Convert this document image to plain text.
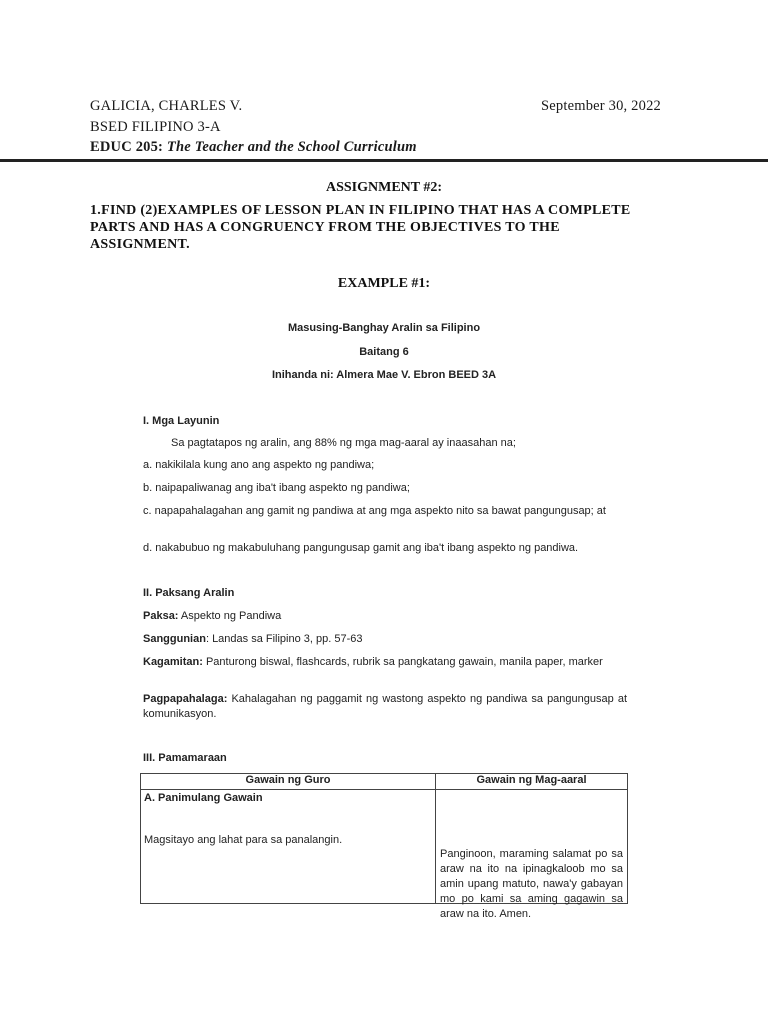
GALICIA, CHARLES V.	September 30, 2022
BSED FILIPINO 3-A
EDUC 205: The Teacher and the School Curriculum
ASSIGNMENT #2:
1.FIND (2)EXAMPLES OF LESSON PLAN IN FILIPINO THAT HAS A COMPLETE
PARTS AND HAS A CONGRUENCY FROM THE OBJECTIVES TO THE
ASSIGNMENT.
EXAMPLE #1:
Masusing-Banghay Aralin sa Filipino
Baitang 6
Inihanda ni: Almera Mae V. Ebron BEED 3A
I. Mga Layunin
Sa pagtatapos ng aralin, ang 88% ng mga mag-aaral ay inaasahan na;
a. nakikilala kung ano ang aspekto ng pandiwa;
b. naipapaliwanag ang iba't ibang aspekto ng pandiwa;
c. napapahalagahan ang gamit ng pandiwa at ang mga aspekto nito sa bawat pangungusap; at
d. nakabubuo ng makabuluhang pangungusap gamit ang iba't ibang aspekto ng pandiwa.
II. Paksang Aralin
Paksa: Aspekto ng Pandiwa
Sanggunian: Landas sa Filipino 3, pp. 57-63
Kagamitan: Panturong biswal, flashcards, rubrik sa pangkatang gawain, manila paper, marker
Pagpapahalaga: Kahalagahan ng paggamit ng wastong aspekto ng pandiwa sa pangungusap at komunikasyon.
III. Pamamaraan
Gawain ng Guro	Gawain ng Mag-aaral

A. Panimulang Gawain
Magsitayo ang lahat para sa panalangin.	Panginoon, maraming salamat po sa araw na ito na ipinagkaloob mo sa amin upang matuto, nawa'y gabayan mo po kami sa aming gagawin sa araw na ito. Amen.
